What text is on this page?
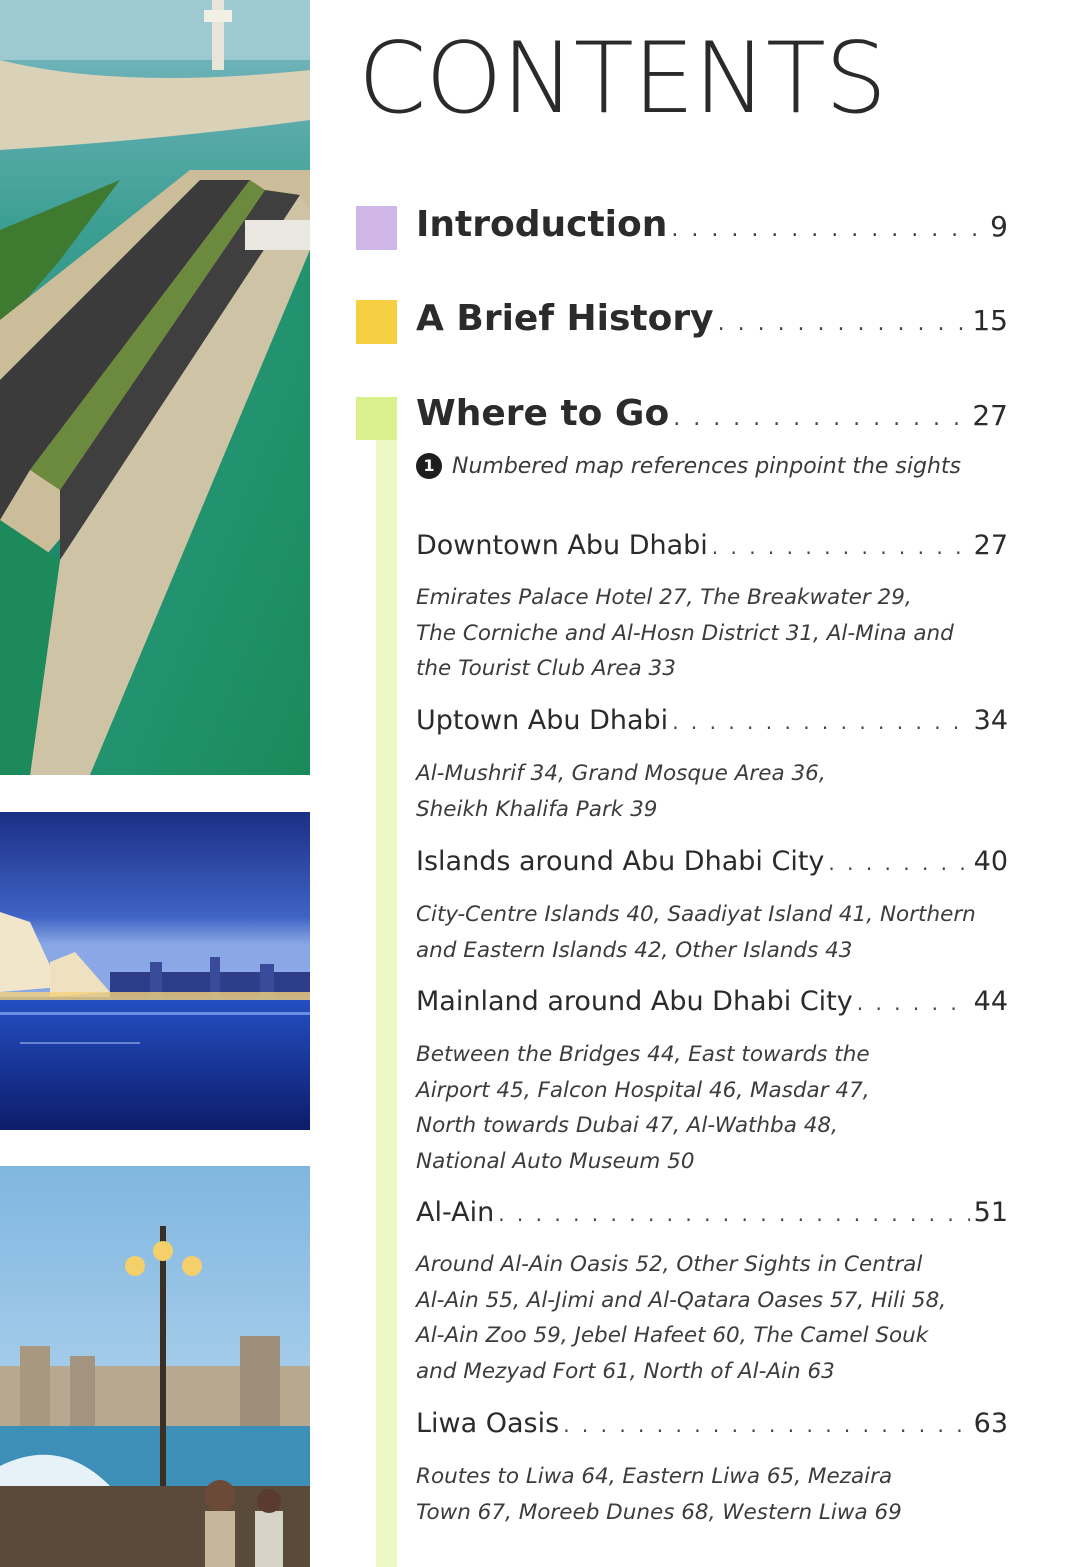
CONTENTS
Introduction . . .	9
A Brief History . . .	15
Where to Go . . .	27
1 Numbered map references pinpoint the sights
Downtown Abu Dhabi . . .	27
Emirates Palace Hotel 27, The Breakwater 29,
The Corniche and Al-Hosn District 31, Al-Mina and
the Tourist Club Area 33
Uptown Abu Dhabi . . .	34
Al-Mushrif 34, Grand Mosque Area 36,
Sheikh Khalifa Park 39
Islands around Abu Dhabi City . . .	40
City-Centre Islands 40, Saadiyat Island 41, Northern
and Eastern Islands 42, Other Islands 43
Mainland around Abu Dhabi City . . .	44
Between the Bridges 44, East towards the
Airport 45, Falcon Hospital 46, Masdar 47,
North towards Dubai 47, Al-Wathba 48,
National Auto Museum 50
Al-Ain . . .	51
Around Al-Ain Oasis 52, Other Sights in Central
Al-Ain 55, Al-Jimi and Al-Qatara Oases 57, Hili 58,
Al-Ain Zoo 59, Jebel Hafeet 60, The Camel Souk
and Mezyad Fort 61, North of Al-Ain 63
Liwa Oasis . . .	63
Routes to Liwa 64, Eastern Liwa 65, Mezaira
Town 67, Moreeb Dunes 68, Western Liwa 69
